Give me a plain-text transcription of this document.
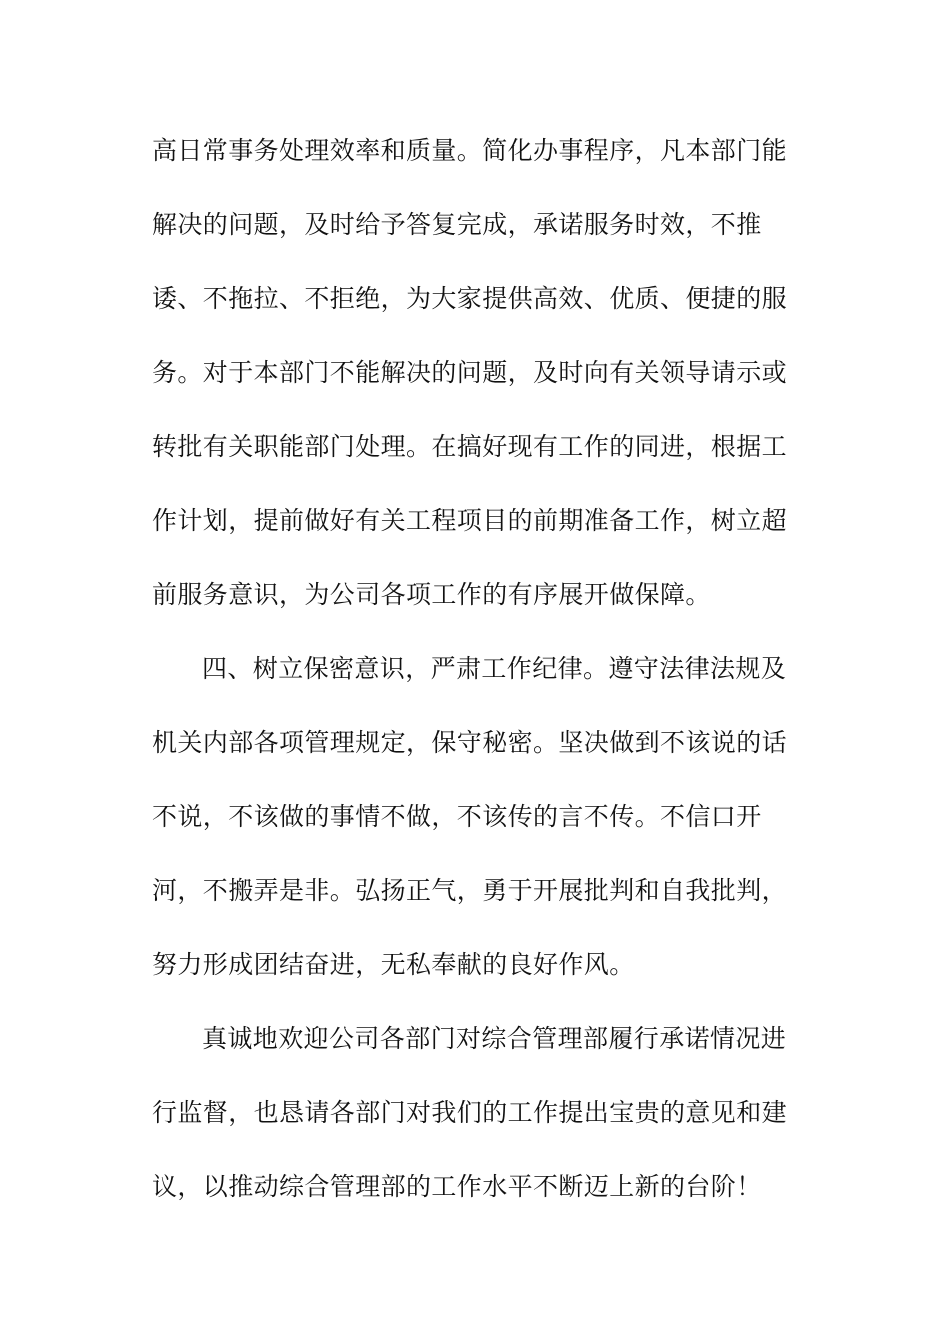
高日常事务处理效率和质量。简化办事程序，凡本部门能
解决的问题，及时给予答复完成，承诺服务时效，不推
诿、不拖拉、不拒绝，为大家提供高效、优质、便捷的服
务。对于本部门不能解决的问题，及时向有关领导请示或
转批有关职能部门处理。在搞好现有工作的同进，根据工
作计划，提前做好有关工程项目的前期准备工作，树立超
前服务意识，为公司各项工作的有序展开做保障。
四、树立保密意识，严肃工作纪律。遵守法律法规及
机关内部各项管理规定，保守秘密。坚决做到不该说的话
不说，不该做的事情不做，不该传的言不传。不信口开
河，不搬弄是非。弘扬正气，勇于开展批判和自我批判，
努力形成团结奋进，无私奉献的良好作风。
真诚地欢迎公司各部门对综合管理部履行承诺情况进
行监督，也恳请各部门对我们的工作提出宝贵的意见和建
议，以推动综合管理部的工作水平不断迈上新的台阶！
